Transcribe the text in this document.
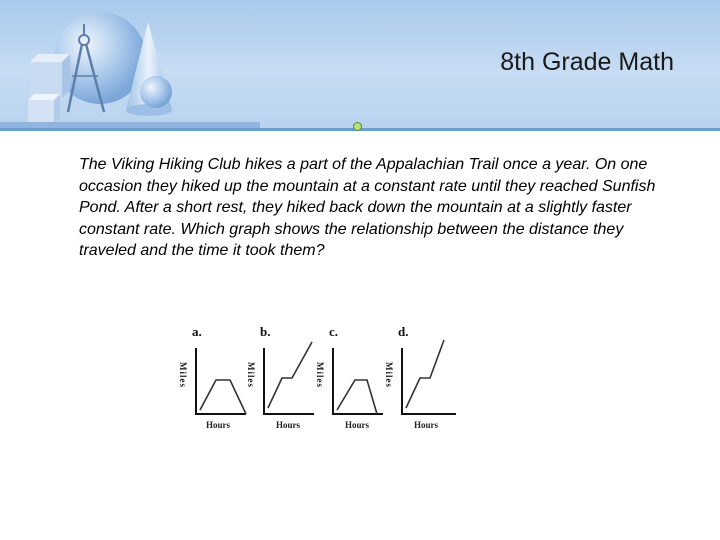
8th Grade Math

The Viking Hiking Club hikes a part of the Appalachian Trail once a year. On one occasion they hiked up the mountain at a constant rate until they reached Sunfish Pond. After a short rest, they hiked back down the mountain at a slightly faster constant rate. Which graph shows the relationship between the distance they traveled and the time it took them?

a.
Miles
Hours
b.
Miles
Hours
c.
Miles
Hours
d.
Miles
Hours
